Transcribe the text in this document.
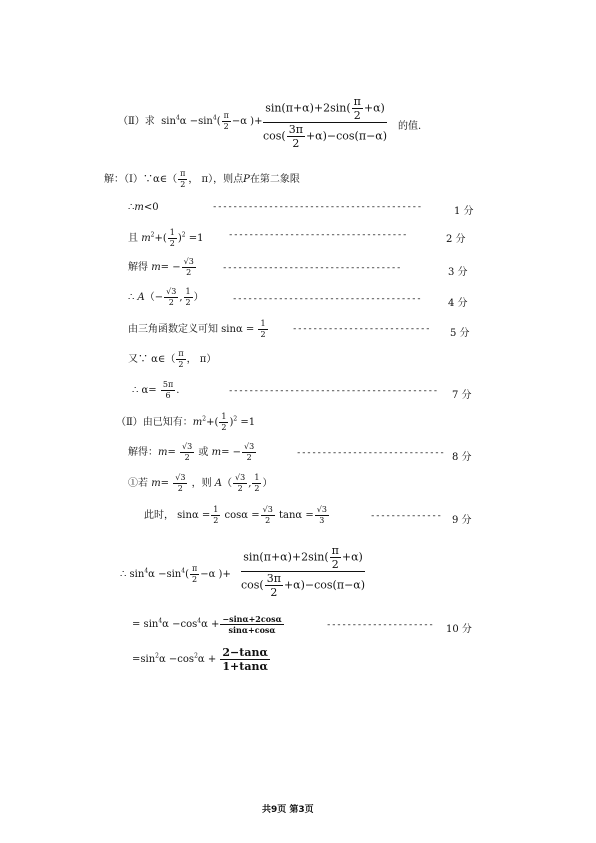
（Ⅱ）求  $\sin^4\alpha -\sin^4( \frac{\pi}{2} -\alpha$ )+ $\frac{\sin(\pi+\alpha)+2\sin( \frac{\pi}{2} +\alpha)}{\cos( \frac{3\pi}{2} +\alpha)-\cos(\pi-\alpha)}$ 的值.
解：（Ⅰ）∵α∈（ $\frac{\pi}{2}$ ， π），则点P在第二象限
∴m<0	-----------------------------------------	1 分
且 $m^2+( \frac{1}{2} )^2 =1$	-----------------------------------	2 分
解得 $m= - \frac{√3}{2}$	-----------------------------------	3 分
∴ $A(- \frac{√3}{2}$ , $\frac{1}{2}$ ）	-------------------------------------	4 分
由三角函数定义可知 $\sin\alpha = \frac{1}{2}$	--------------------------- 5 分
又∵ α∈（ $\frac{\pi}{2}$ ， π）
∴ $\alpha= \frac{5\pi}{6}$ .	----------------------------------------- 7 分
（Ⅱ）由已知有：$m^2+( \frac{1}{2} )^2 =1$
解得：$m= \frac{√3}{2}$ 或 $m= - \frac{√3}{2}$	----------------------------- 8 分
①若 $m= \frac{√3}{2}$ ，则 $A( \frac{√3}{2}$ , $\frac{1}{2}$ ）
此时， $\sin\alpha = \frac{1}{2}$ $\cos\alpha = \frac{√3}{2}$ $\tan\alpha = \frac{√3}{3}$	-------------- 9 分
∴ $\sin^4\alpha -\sin^4( \frac{\pi}{2} -\alpha$ )+ $\frac{\sin(\pi+\alpha)+2\sin( \frac{\pi}{2} +\alpha)}{\cos( \frac{3\pi}{2} +\alpha)-\cos(\pi-\alpha)}$
= $\sin^4\alpha -\cos^4\alpha + \frac{-\sin\alpha+2\cos\alpha}{\sin\alpha+\cos\alpha}$	--------------------- 10 分
$=\sin^2\alpha -\cos^2\alpha + \frac{2-\tan\alpha}{1+\tan\alpha}$
共9页 第3页
